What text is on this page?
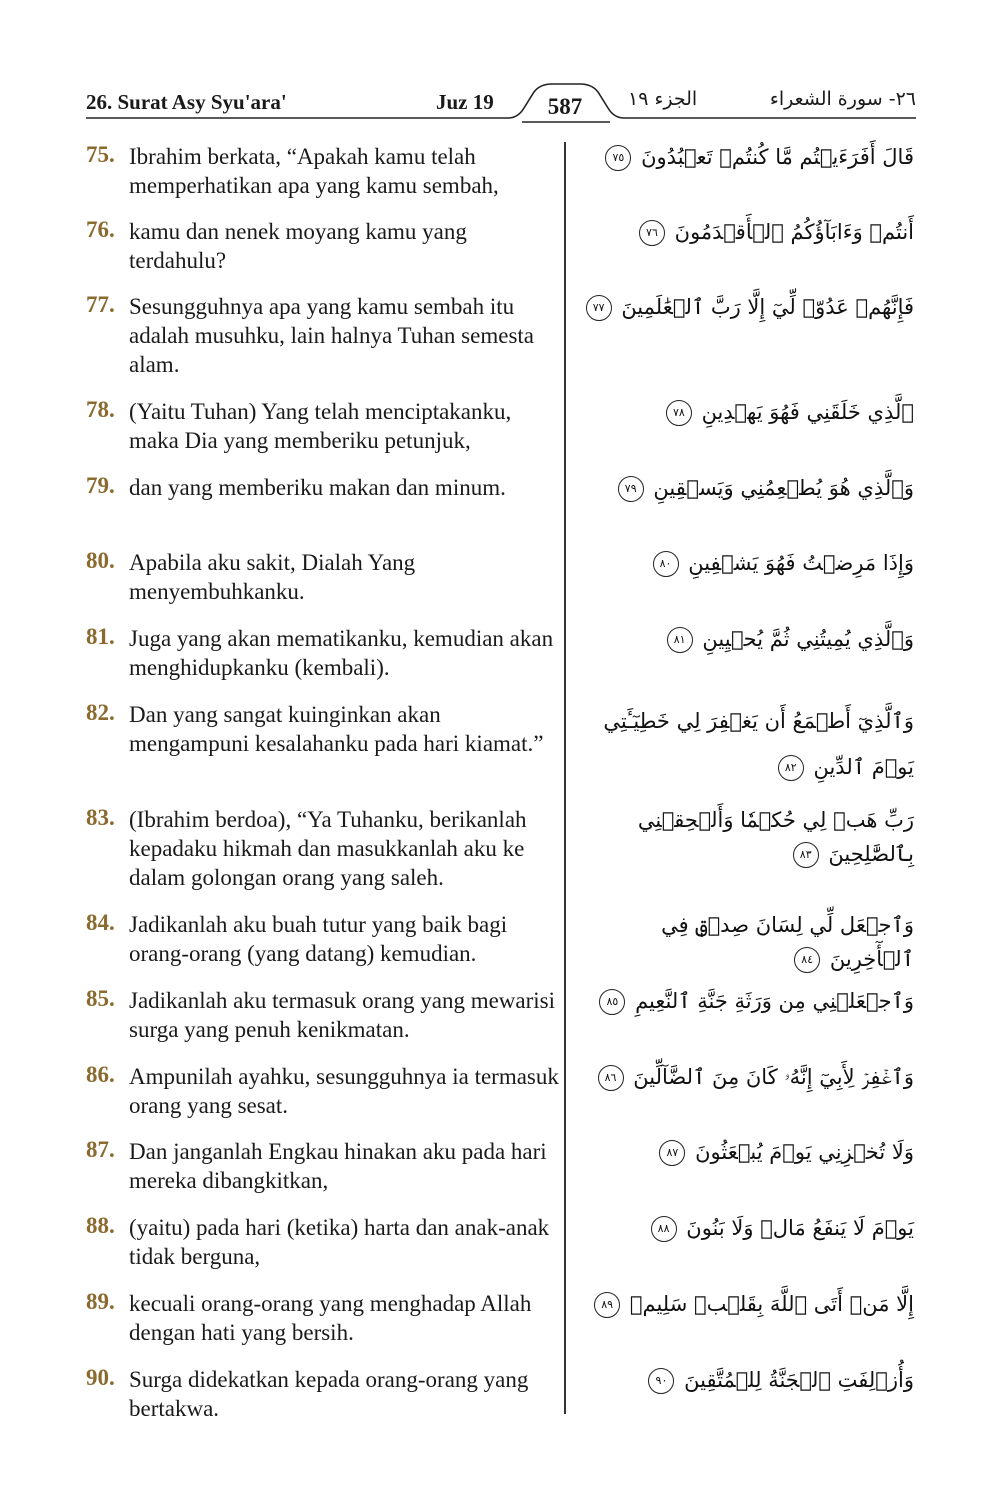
26. Surat Asy Syu'ara'	Juz 19	587	الجزء ١٩	٢٦- سورة الشعراء
75. Ibrahim berkata, “Apakah kamu telah memperhatikan apa yang kamu sembah,
قَالَ أَفَرَءَيۡتُم مَّا كُنتُمۡ تَعۡبُدُونَ ٧٥
76. kamu dan nenek moyang kamu yang terdahulu?
أَنتُمۡ وَءَابَآؤُكُمُ ٱلۡأَقۡدَمُونَ ٧٦
77. Sesungguhnya apa yang kamu sembah itu adalah musuhku, lain halnya Tuhan semesta alam.
فَإِنَّهُمۡ عَدُوّٞ لِّيٓ إِلَّا رَبَّ ٱلۡعَٰلَمِينَ ٧٧
78. (Yaitu Tuhan) Yang telah menciptakanku, maka Dia yang memberiku petunjuk,
ٱلَّذِي خَلَقَنِي فَهُوَ يَهۡدِينِ ٧٨
79. dan yang memberiku makan dan minum.	وَٱلَّذِي هُوَ يُطۡعِمُنِي وَيَسۡقِينِ ٧٩
80. Apabila aku sakit, Dialah Yang menyembuhkanku.
وَإِذَا مَرِضۡتُ فَهُوَ يَشۡفِينِ ٨٠
81. Juga yang akan mematikanku, kemudian akan menghidupkanku (kembali).
وَٱلَّذِي يُمِيتُنِي ثُمَّ يُحۡيِينِ ٨١
82. Dan yang sangat kuinginkan akan mengampuni kesalahanku pada hari kiamat.”
وَٱلَّذِيٓ أَطۡمَعُ أَن يَغۡفِرَ لِي خَطِيٓـَٔتِي يَوۡمَ ٱلدِّينِ ٨٢
83. (Ibrahim berdoa), “Ya Tuhanku, berikanlah kepadaku hikmah dan masukkanlah aku ke dalam golongan orang yang saleh.
رَبِّ هَبۡ لِي حُكۡمٗا وَأَلۡحِقۡنِي بِٱلصَّٰلِحِينَ ٨٣
84. Jadikanlah aku buah tutur yang baik bagi orang-orang (yang datang) kemudian.
وَٱجۡعَل لِّي لِسَانَ صِدۡقٖ فِي ٱلۡأٓخِرِينَ ٨٤
85. Jadikanlah aku termasuk orang yang mewarisi surga yang penuh kenikmatan.
وَٱجۡعَلۡنِي مِن وَرَثَةِ جَنَّةِ ٱلنَّعِيمِ ٨٥
86. Ampunilah ayahku, sesungguhnya ia termasuk orang yang sesat.
وَٱغۡفِرۡ لِأَبِيٓ إِنَّهُۥ كَانَ مِنَ ٱلضَّآلِّينَ ٨٦
87. Dan janganlah Engkau hinakan aku pada hari mereka dibangkitkan,
وَلَا تُخۡزِنِي يَوۡمَ يُبۡعَثُونَ ٨٧
88. (yaitu) pada hari (ketika) harta dan anak-anak tidak berguna,
يَوۡمَ لَا يَنفَعُ مَالٞ وَلَا بَنُونَ ٨٨
89. kecuali orang-orang yang menghadap Allah dengan hati yang bersih.
إِلَّا مَنۡ أَتَى ٱللَّهَ بِقَلۡبٖ سَلِيمٖ ٨٩
90. Surga didekatkan kepada orang-orang yang bertakwa.
وَأُزۡلِفَتِ ٱلۡجَنَّةُ لِلۡمُتَّقِينَ ٩٠
